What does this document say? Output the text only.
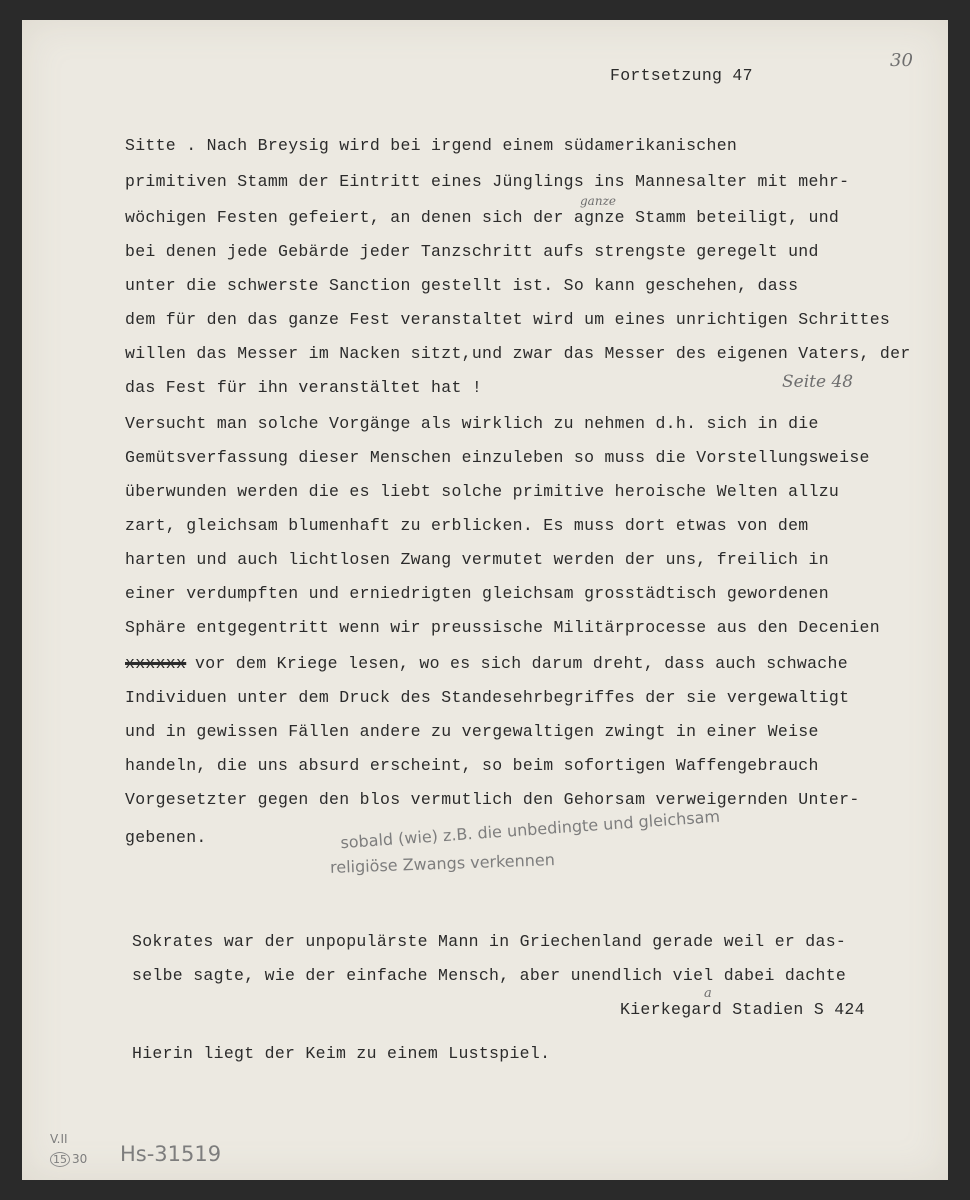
Fortsetzung 47
30
Sitte . Nach Breysig wird bei irgend einem südamerikanischen
primitiven Stamm der Eintritt eines Jünglings ins Mannesalter mit mehr-
ganze
wöchigen Festen gefeiert, an denen sich der agnze Stamm beteiligt, und
bei denen jede Gebärde jeder Tanzschritt aufs strengste geregelt und
unter die schwerste Sanction gestellt ist. So kann geschehen, dass
dem für den das ganze Fest veranstaltet wird um eines unrichtigen Schrittes
willen das Messer im Nacken sitzt,und zwar das Messer des eigenen Vaters, der
das Fest für ihn veranstältet hat !	Seite 48
Versucht man solche Vorgänge als wirklich zu nehmen d.h. sich in die
Gemütsverfassung dieser Menschen einzuleben so muss die Vorstellungsweise
überwunden werden die es liebt solche primitive heroische Welten allzu
zart, gleichsam blumenhaft zu erblicken. Es muss dort etwas von dem
harten und auch lichtlosen Zwang vermutet werden der uns, freilich in
einer verdumpften und erniedrigten gleichsam grosstädtisch gewordenen
Sphäre entgegentritt wenn wir preussische Militärprocesse aus den Decenien
xxxxxx vor dem Kriege lesen, wo es sich darum dreht, dass auch schwache
Individuen unter dem Druck des Standesehrbegriffes der sie vergewaltigt
und in gewissen Fällen andere zu vergewaltigen zwingt in einer Weise
handeln, die uns absurd erscheint, so beim sofortigen Waffengebrauch
Vorgesetzter gegen den blos vermutlich den Gehorsam verweigernden Unter-
gebenen.	sobald (wie) z.B. die unbedingte und gleichsam
religiöse Zwangs verkennen
Sokrates war der unpopulärste Mann in Griechenland gerade weil er das-
selbe sagte, wie der einfache Mensch, aber unendlich viel dabei dachte
a
Kierkegard Stadien S 424
Hierin liegt der Keim zu einem Lustspiel.
V.II
15 30 Hs-31519
